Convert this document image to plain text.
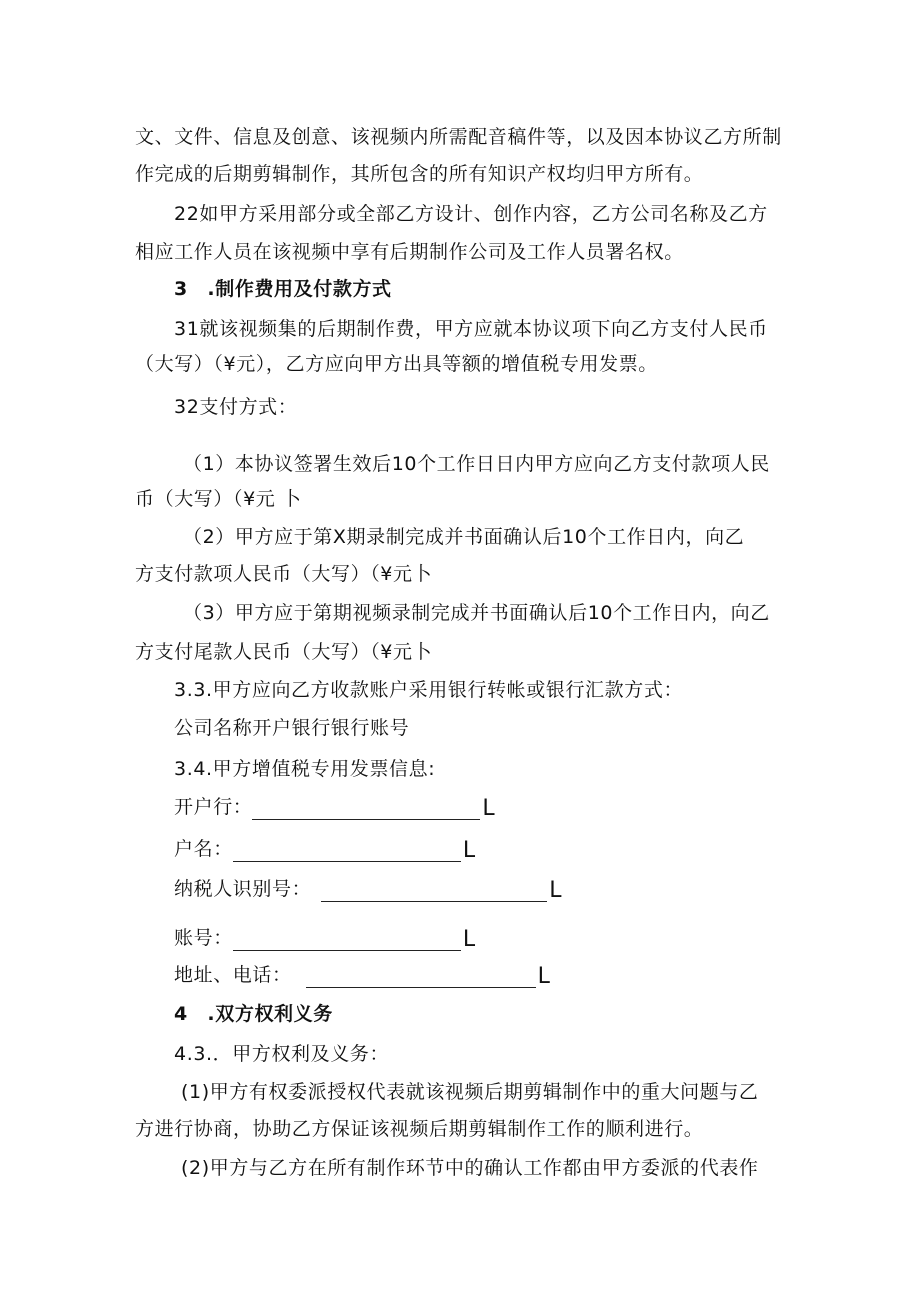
文、文件、信息及创意、该视频内所需配音稿件等，以及因本协议乙方所制
作完成的后期剪辑制作，其所包含的所有知识产权均归甲方所有。
22如甲方采用部分或全部乙方设计、创作内容，乙方公司名称及乙方
相应工作人员在该视频中享有后期制作公司及工作人员署名权。
3　.制作费用及付款方式
31就该视频集的后期制作费，甲方应就本协议项下向乙方支付人民币
（大写）（¥元），乙方应向甲方出具等额的增值税专用发票。
32支付方式：
（1）本协议签署生效后10个工作日日内甲方应向乙方支付款项人民
币（大写）（¥元 卜
（2）甲方应于第X期录制完成并书面确认后10个工作日内，向乙
方支付款项人民币（大写）（¥元卜
（3）甲方应于第期视频录制完成并书面确认后10个工作日内，向乙
方支付尾款人民币（大写）（¥元卜
3.3.甲方应向乙方收款账户采用银行转帐或银行汇款方式：
公司名称开户银行银行账号
3.4.甲方增值税专用发票信息:
开户行：	L
户名：	L
纳税人识别号：	L
账号：	L
地址、电话：	L
4　.双方权利义务
4.3.．甲方权利及义务：
(1)甲方有权委派授权代表就该视频后期剪辑制作中的重大问题与乙
方进行协商，协助乙方保证该视频后期剪辑制作工作的顺利进行。
(2)甲方与乙方在所有制作环节中的确认工作都由甲方委派的代表作
